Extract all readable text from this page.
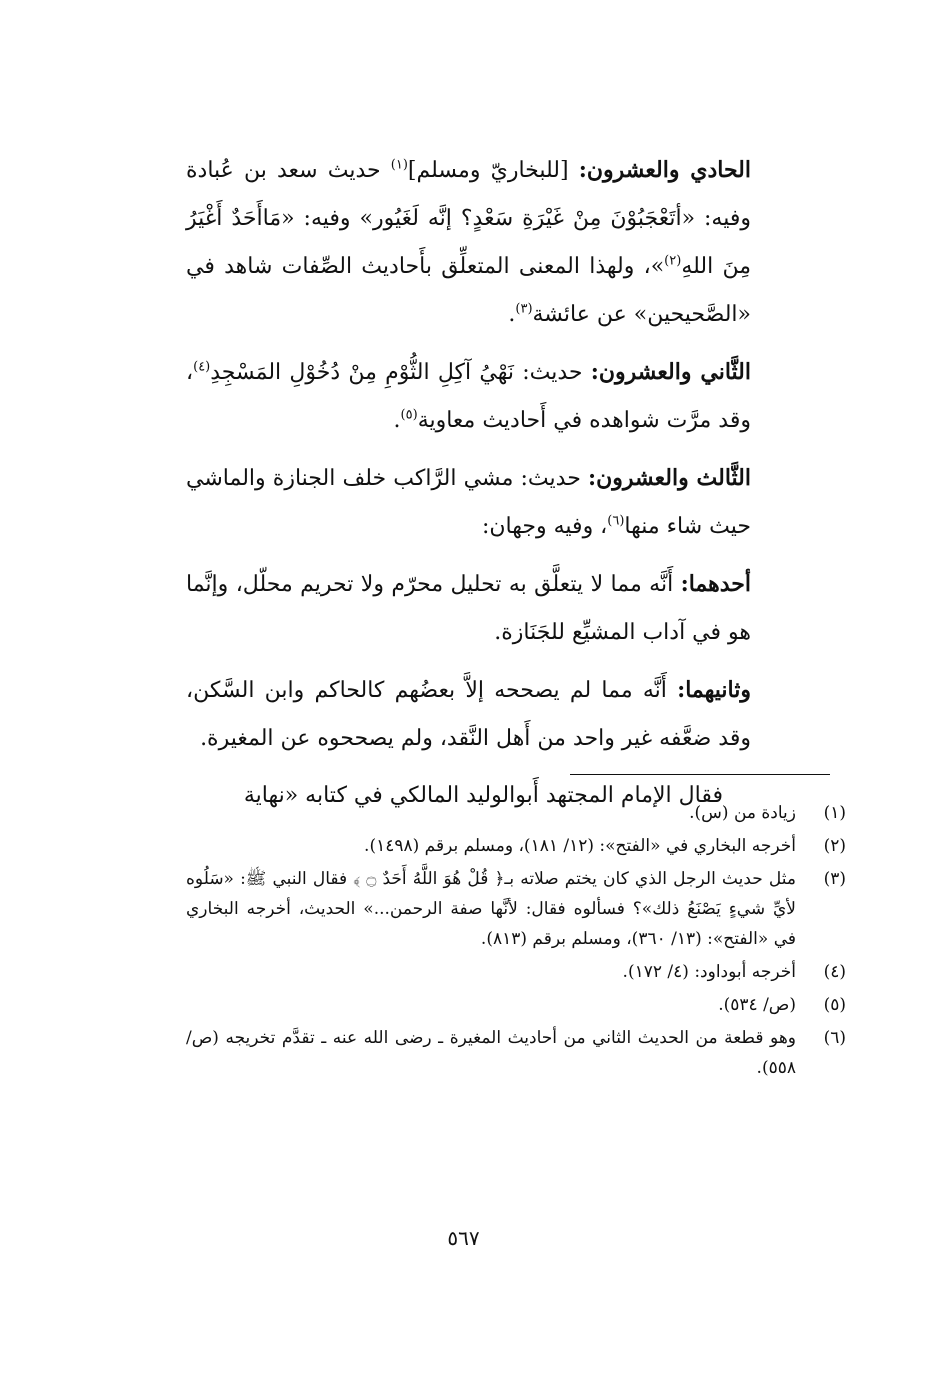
الحادي والعشرون: [للبخاريّ ومسلم]$^{(١)}$ حديث سعد بن عُبادة وفيه: «أتَعْجَبُوْنَ مِنْ غَيْرَةِ سَعْدٍ؟ إنَّه لَغَيُور» وفيه: «مَاأَحَدٌ أَغْيَرُ مِنَ اللهِ$^{(٢)}$»، ولهذا المعنى المتعلِّق بأَحاديث الصِّفات شاهد في «الصَّحيحين» عن عائشة$^{(٣)}$.

الثَّاني والعشرون: حديث: نَهْيُ آكِلِ الثُّوْمِ مِنْ دُخُوْلِ المَسْجِدِ$^{(٤)}$، وقد مرَّت شواهده في أَحاديث معاوية$^{(٥)}$.

الثَّالث والعشرون: حديث: مشي الرَّاكب خلف الجنازة والماشي حيث شاء منها$^{(٦)}$، وفيه وجهان:

أحدهما: أَنَّه مما لا يتعلَّق به تحليل محرّم ولا تحريم محلّل، وإنَّما هو في آداب المشيِّع للجَنَازة.

وثانيهما: أَنَّه مما لم يصححه إلاَّ بعضُهم كالحاكم وابن السَّكن، وقد ضعَّفه غير واحد من أَهل النَّقد، ولم يصححوه عن المغيرة.

فقال الإمام المجتهد أَبوالوليد المالكي في كتابه «نهاية

(١)
زيادة من (س).
(٢)
أخرجه البخاري في «الفتح»: (١٢/ ١٨١)، ومسلم برقم (١٤٩٨).
(٣)
مثل حديث الرجل الذي كان يختم صلاته بـ﴿ قُلْ هُوَ اللَّهُ أَحَدٌ ۝ ﴾ فقال النبي ﷺ: «سَلُوه لأيِّ شيءٍ يَصْنَعُ ذلك»؟ فسألوه فقال: لأنَّها صفة الرحمن...» الحديث، أخرجه البخاري في «الفتح»: (١٣/ ٣٦٠)، ومسلم برقم (٨١٣).
(٤)
أخرجه أبوداود: (٤/ ١٧٢).
(٥)
(ص/ ٥٣٤).
(٦)
وهو قطعة من الحديث الثاني من أحاديث المغيرة ـ رضى الله عنه ـ تقدَّم تخريجه (ص/ ٥٥٨).
٥٦٧
